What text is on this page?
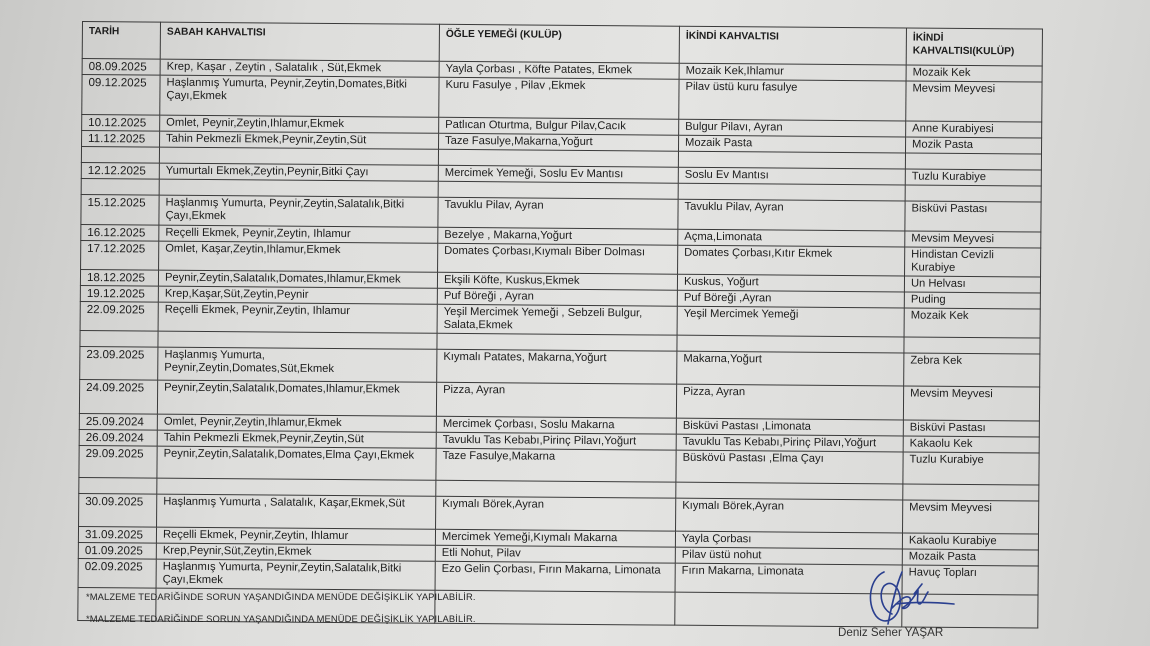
TARİH	SABAH KAHVALTISI	ÖĞLE YEMEĞİ (KULÜP)	İKİNDİ KAHVALTISI	İKİNDİ KAHVALTISI(KULÜP)
08.09.2025	Krep, Kaşar , Zeytin , Salatalık , Süt,Ekmek	Yayla Çorbası , Köfte Patates, Ekmek	Mozaik Kek,Ihlamur	Mozaik Kek
09.12.2025	Haşlanmış Yumurta, Peynir,Zeytin,Domates,Bitki Çayı,Ekmek	Kuru Fasulye , Pilav ,Ekmek	Pilav üstü kuru fasulye	Mevsim Meyvesi
10.12.2025	Omlet, Peynir,Zeytin,Ihlamur,Ekmek	Patlıcan Oturtma, Bulgur Pilav,Cacık	Bulgur Pilavı, Ayran	Anne Kurabiyesi
11.12.2025	Tahin Pekmezli Ekmek,Peynir,Zeytin,Süt	Taze Fasulye,Makarna,Yoğurt	Mozaik Pasta	Mozik Pasta

12.12.2025	Yumurtalı Ekmek,Zeytin,Peynir,Bitki Çayı	Mercimek Yemeği, Soslu Ev Mantısı	Soslu Ev Mantısı	Tuzlu Kurabiye

15.12.2025	Haşlanmış Yumurta, Peynir,Zeytin,Salatalık,Bitki Çayı,Ekmek	Tavuklu Pilav, Ayran	Tavuklu Pilav, Ayran	Bisküvi Pastası
16.12.2025	Reçelli Ekmek, Peynir,Zeytin, Ihlamur	Bezelye , Makarna,Yoğurt	Açma,Limonata	Mevsim Meyvesi
17.12.2025	Omlet, Kaşar,Zeytin,Ihlamur,Ekmek	Domates Çorbası,Kıymalı Biber Dolması	Domates Çorbası,Kıtır Ekmek	Hindistan Cevizli Kurabiye
18.12.2025	Peynir,Zeytin,Salatalık,Domates,Ihlamur,Ekmek	Ekşili Köfte, Kuskus,Ekmek	Kuskus, Yoğurt	Un Helvası
19.12.2025	Krep,Kaşar,Süt,Zeytin,Peynir	Puf Böreği , Ayran	Puf Böreği ,Ayran	Puding
22.09.2025	Reçelli Ekmek, Peynir,Zeytin, Ihlamur	Yeşil Mercimek Yemeği , Sebzeli Bulgur, Salata,Ekmek	Yeşil Mercimek Yemeği	Mozaik Kek

23.09.2025	Haşlanmış Yumurta, Peynir,Zeytin,Domates,Süt,Ekmek	Kıymalı Patates, Makarna,Yoğurt	Makarna,Yoğurt	Zebra Kek
24.09.2025	Peynir,Zeytin,Salatalık,Domates,Ihlamur,Ekmek	Pizza, Ayran	Pizza, Ayran	Mevsim Meyvesi
25.09.2024	Omlet, Peynir,Zeytin,Ihlamur,Ekmek	Mercimek Çorbası, Soslu Makarna	Bisküvi Pastası ,Limonata	Bisküvi Pastası
26.09.2024	Tahin Pekmezli Ekmek,Peynir,Zeytin,Süt	Tavuklu Tas Kebabı,Pirinç Pilavı,Yoğurt	Tavuklu Tas Kebabı,Pirinç Pilavı,Yoğurt	Kakaolu Kek
29.09.2025	Peynir,Zeytin,Salatalık,Domates,Elma Çayı,Ekmek	Taze Fasulye,Makarna	Büskövü Pastası ,Elma Çayı	Tuzlu Kurabiye

30.09.2025	Haşlanmış Yumurta , Salatalık, Kaşar,Ekmek,Süt	Kıymalı Börek,Ayran	Kıymalı Börek,Ayran	Mevsim Meyvesi
31.09.2025	Reçelli Ekmek, Peynir,Zeytin, Ihlamur	Mercimek Yemeği,Kıymalı Makarna	Yayla Çorbası	Kakaolu Kurabiye
01.09.2025	Krep,Peynir,Süt,Zeytin,Ekmek	Etli Nohut, Pilav	Pilav üstü nohut	Mozaik Pasta
02.09.2025	Haşlanmış Yumurta, Peynir,Zeytin,Salatalık,Bitki Çayı,Ekmek	Ezo Gelin Çorbası, Fırın Makarna, Limonata	Fırın Makarna, Limonata	Havuç Topları

*MALZEME TEDARİĞİNDE SORUN YAŞANDIĞINDA MENÜDE DEĞİŞİKLİK YAPILABİLİR.
*MALZEME TEDARİĞİNDE SORUN YAŞANDIĞINDA MENÜDE DEĞİŞİKLİK YAPILABİLİR.
Deniz Seher YAŞAR
